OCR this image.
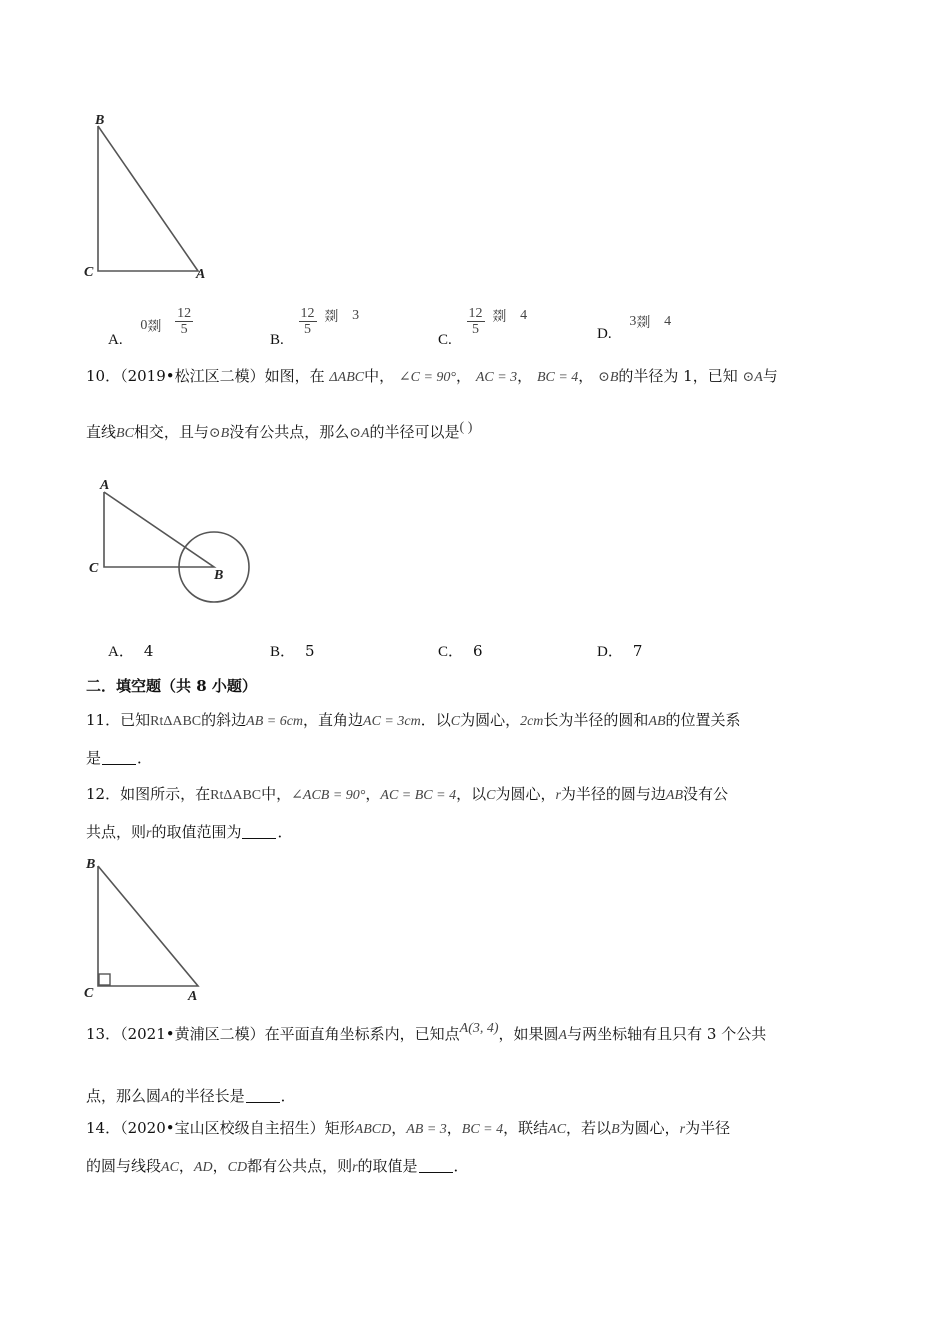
B
C	A
A. 0剟 $\frac{12}{5}$
B.
$\frac{12}{5}$ 剟 3
C.
$\frac{12}{5}$ 剟 4
D. 3剟 4
10．（2019•松江区二模）如图，在 ΔABC中， ∠C = 90°， AC = 3， BC = 4， ⊙B的半径为 1，已知 ⊙A与
直线BC相交，且与⊙B没有公共点，那么⊙A的半径可以是( )
A
C	B
A． 4	B． 5	C． 6	D． 7
二．填空题（共 8 小题）
11．已知RtΔABC的斜边AB = 6cm，直角边AC = 3cm．以C为圆心，2cm长为半径的圆和AB的位置关系
是 ．
12．如图所示，在RtΔABC中，∠ACB = 90°，AC = BC = 4，以C为圆心，r为半径的圆与边AB没有公
共点，则r的取值范围为 ．
B
C	A
13．（2021•黄浦区二模）在平面直角坐标系内，已知点A(3, 4)，如果圆A与两坐标轴有且只有 3 个公共
点，那么圆A的半径长是 ．
14．（2020•宝山区校级自主招生）矩形ABCD，AB = 3，BC = 4，联结AC，若以B为圆心，r为半径
的圆与线段AC，AD，CD都有公共点，则r的取值是 ．
